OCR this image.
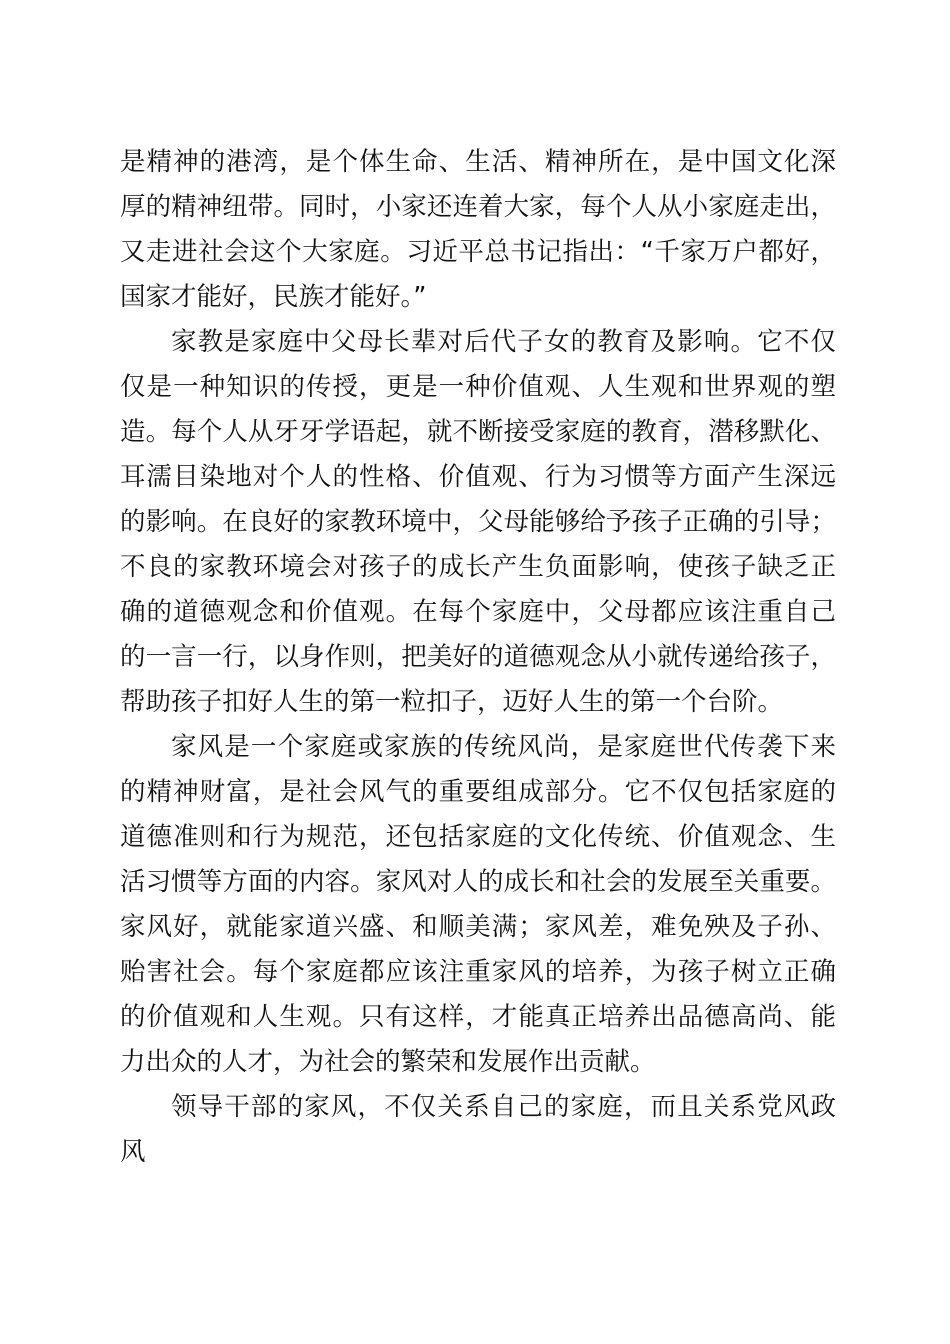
是精神的港湾，是个体生命、生活、精神所在，是中国文化深
厚的精神纽带。同时，小家还连着大家，每个人从小家庭走出，
又走进社会这个大家庭。习近平总书记指出：“千家万户都好，
国家才能好，民族才能好。”
家教是家庭中父母长辈对后代子女的教育及影响。它不仅
仅是一种知识的传授，更是一种价值观、人生观和世界观的塑
造。每个人从牙牙学语起，就不断接受家庭的教育，潜移默化、
耳濡目染地对个人的性格、价值观、行为习惯等方面产生深远
的影响。在良好的家教环境中，父母能够给予孩子正确的引导；
不良的家教环境会对孩子的成长产生负面影响，使孩子缺乏正
确的道德观念和价值观。在每个家庭中，父母都应该注重自己
的一言一行，以身作则，把美好的道德观念从小就传递给孩子，
帮助孩子扣好人生的第一粒扣子，迈好人生的第一个台阶。
家风是一个家庭或家族的传统风尚，是家庭世代传袭下来
的精神财富，是社会风气的重要组成部分。它不仅包括家庭的
道德准则和行为规范，还包括家庭的文化传统、价值观念、生
活习惯等方面的内容。家风对人的成长和社会的发展至关重要。
家风好，就能家道兴盛、和顺美满；家风差，难免殃及子孙、
贻害社会。每个家庭都应该注重家风的培养，为孩子树立正确
的价值观和人生观。只有这样，才能真正培养出品德高尚、能
力出众的人才，为社会的繁荣和发展作出贡献。
领导干部的家风，不仅关系自己的家庭，而且关系党风政
风
